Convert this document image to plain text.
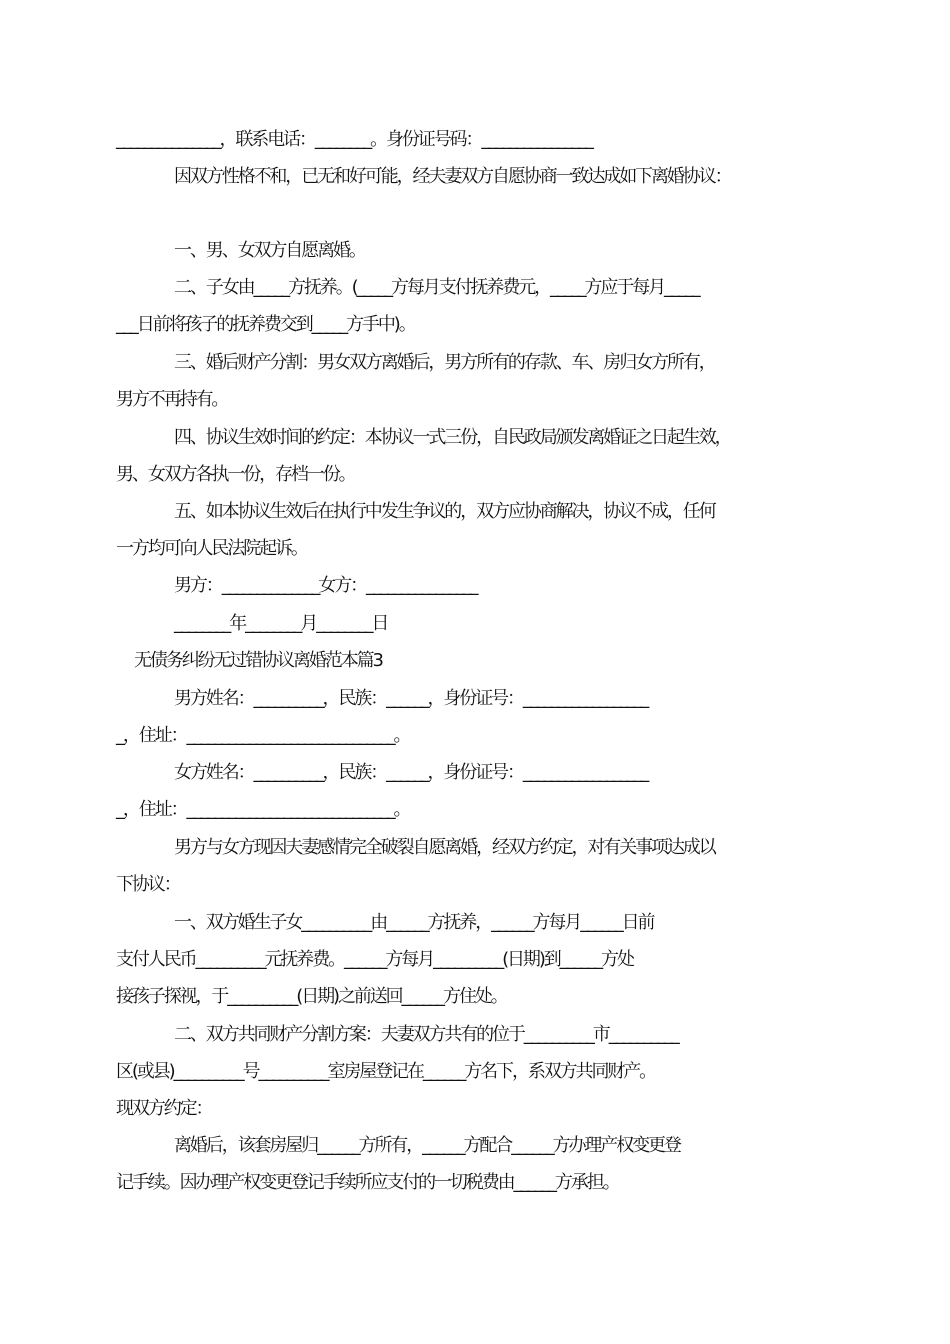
_______________，联系电话：________。身份证号码：________________
因双方性格不和，已无和好可能，经夫妻双方自愿协商一致达成如下离婚协议：
一、男、女双方自愿离婚。
二、子女由_____方抚养。(_____方每月支付抚养费元，_____方应于每月_____
___日前将孩子的抚养费交到_____方手中)。
三、婚后财产分割：男女双方离婚后，男方所有的存款、车、房归女方所有，
男方不再持有。
四、协议生效时间的约定：本协议一式三份，自民政局颁发离婚证之日起生效，
男、女双方各执一份，存档一份。
五、如本协议生效后在执行中发生争议的，双方应协商解决，协议不成，任何
一方均可向人民法院起诉。
男方：______________女方：________________
________年________月________日
无债务纠纷无过错协议离婚范本篇3
男方姓名：__________，民族：______，身份证号：__________________
_，住址：______________________________。
女方姓名：__________，民族：______，身份证号：__________________
_，住址：______________________________。
男方与女方现因夫妻感情完全破裂自愿离婚，经双方约定，对有关事项达成以
下协议：
一、双方婚生子女__________由______方抚养，______方每月______日前
支付人民币__________元抚养费。______方每月__________(日期)到______方处
接孩子探视，于__________(日期)之前送回______方住处。
二、双方共同财产分割方案：夫妻双方共有的位于__________市__________
区(或县)__________号__________室房屋登记在______方名下，系双方共同财产。
现双方约定：
离婚后，该套房屋归______方所有，______方配合______方办理产权变更登
记手续。因办理产权变更登记手续所应支付的一切税费由______方承担。
